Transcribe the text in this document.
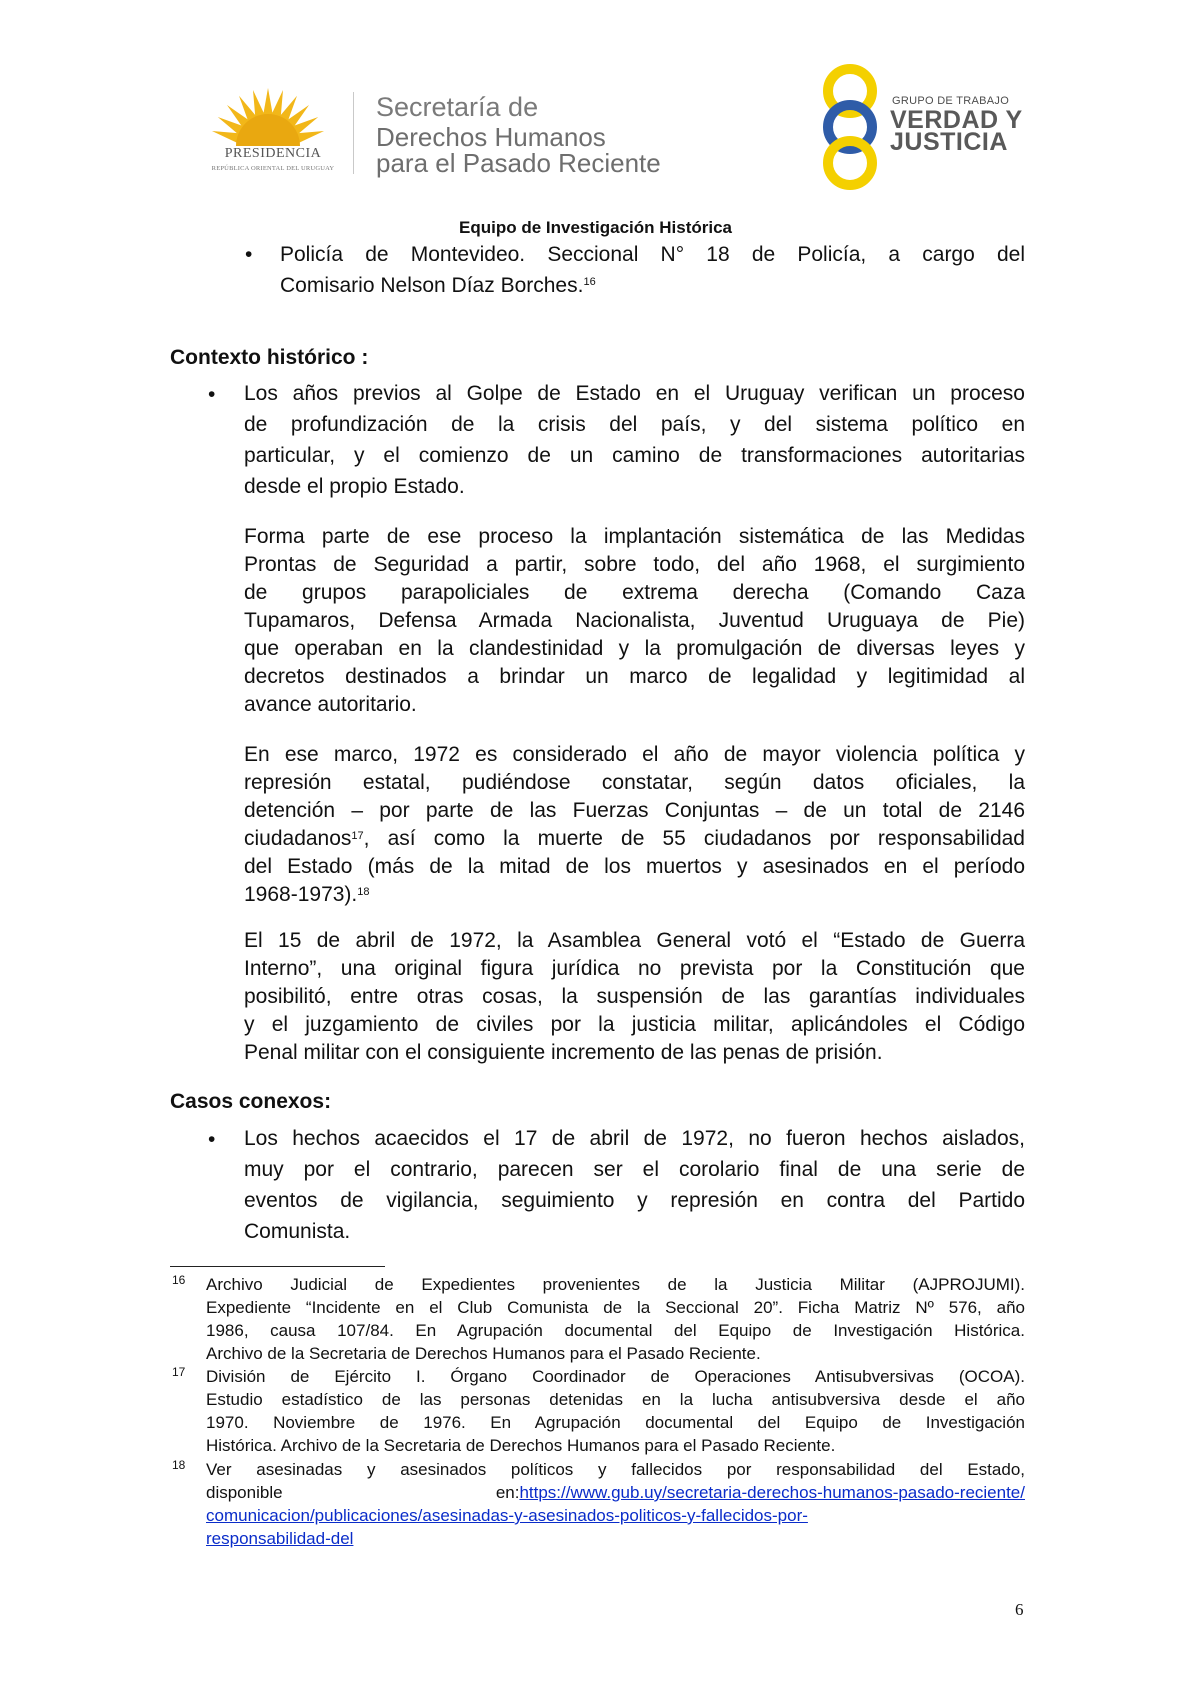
PRESIDENCIA
REPÚBLICA ORIENTAL DEL URUGUAY
Secretaría de
Derechos Humanos
para el Pasado Reciente
GRUPO DE TRABAJO
VERDAD Y
JUSTICIA
Equipo de Investigación Histórica
• Policía de Montevideo. Seccional N° 18 de Policía, a cargo del
Comisario Nelson Díaz Borches.$^{16}$
Contexto histórico :
• Los años previos al Golpe de Estado en el Uruguay verifican un proceso
de profundización de la crisis del país, y del sistema político en
particular, y el comienzo de un camino de transformaciones autoritarias
desde el propio Estado.
Forma parte de ese proceso la implantación sistemática de las Medidas
Prontas de Seguridad a partir, sobre todo, del año 1968, el surgimiento
de grupos parapoliciales de extrema derecha (Comando Caza
Tupamaros, Defensa Armada Nacionalista, Juventud Uruguaya de Pie)
que operaban en la clandestinidad y la promulgación de diversas leyes y
decretos destinados a brindar un marco de legalidad y legitimidad al
avance autoritario.
En ese marco, 1972 es considerado el año de mayor violencia política y
represión estatal, pudiéndose constatar, según datos oficiales, la
detención – por parte de las Fuerzas Conjuntas – de un total de 2146
ciudadanos$^{17}$, así como la muerte de 55 ciudadanos por responsabilidad
del Estado (más de la mitad de los muertos y asesinados en el período
1968-1973).$^{18}$
El 15 de abril de 1972, la Asamblea General votó el “Estado de Guerra
Interno”, una original figura jurídica no prevista por la Constitución que
posibilitó, entre otras cosas, la suspensión de las garantías individuales
y el juzgamiento de civiles por la justicia militar, aplicándoles el Código
Penal militar con el consiguiente incremento de las penas de prisión.
Casos conexos:
• Los hechos acaecidos el 17 de abril de 1972, no fueron hechos aislados,
muy por el contrario, parecen ser el corolario final de una serie de
eventos de vigilancia, seguimiento y represión en contra del Partido
Comunista.
16 Archivo Judicial de Expedientes provenientes de la Justicia Militar (AJPROJUMI).
Expediente “Incidente en el Club Comunista de la Seccional 20”. Ficha Matriz Nº 576, año
1986, causa 107/84. En Agrupación documental del Equipo de Investigación Histórica.
Archivo de la Secretaria de Derechos Humanos para el Pasado Reciente.
17 División de Ejército I. Órgano Coordinador de Operaciones Antisubversivas (OCOA).
Estudio estadístico de las personas detenidas en la lucha antisubversiva desde el año
1970. Noviembre de 1976. En Agrupación documental del Equipo de Investigación
Histórica. Archivo de la Secretaria de Derechos Humanos para el Pasado Reciente.
18 Ver asesinadas y asesinados políticos y fallecidos por responsabilidad del Estado,
disponible	en:https://www.gub.uy/secretaria-derechos-humanos-pasado-reciente/
comunicacion/publicaciones/asesinadas-y-asesinados-politicos-y-fallecidos-por-
responsabilidad-del
6
